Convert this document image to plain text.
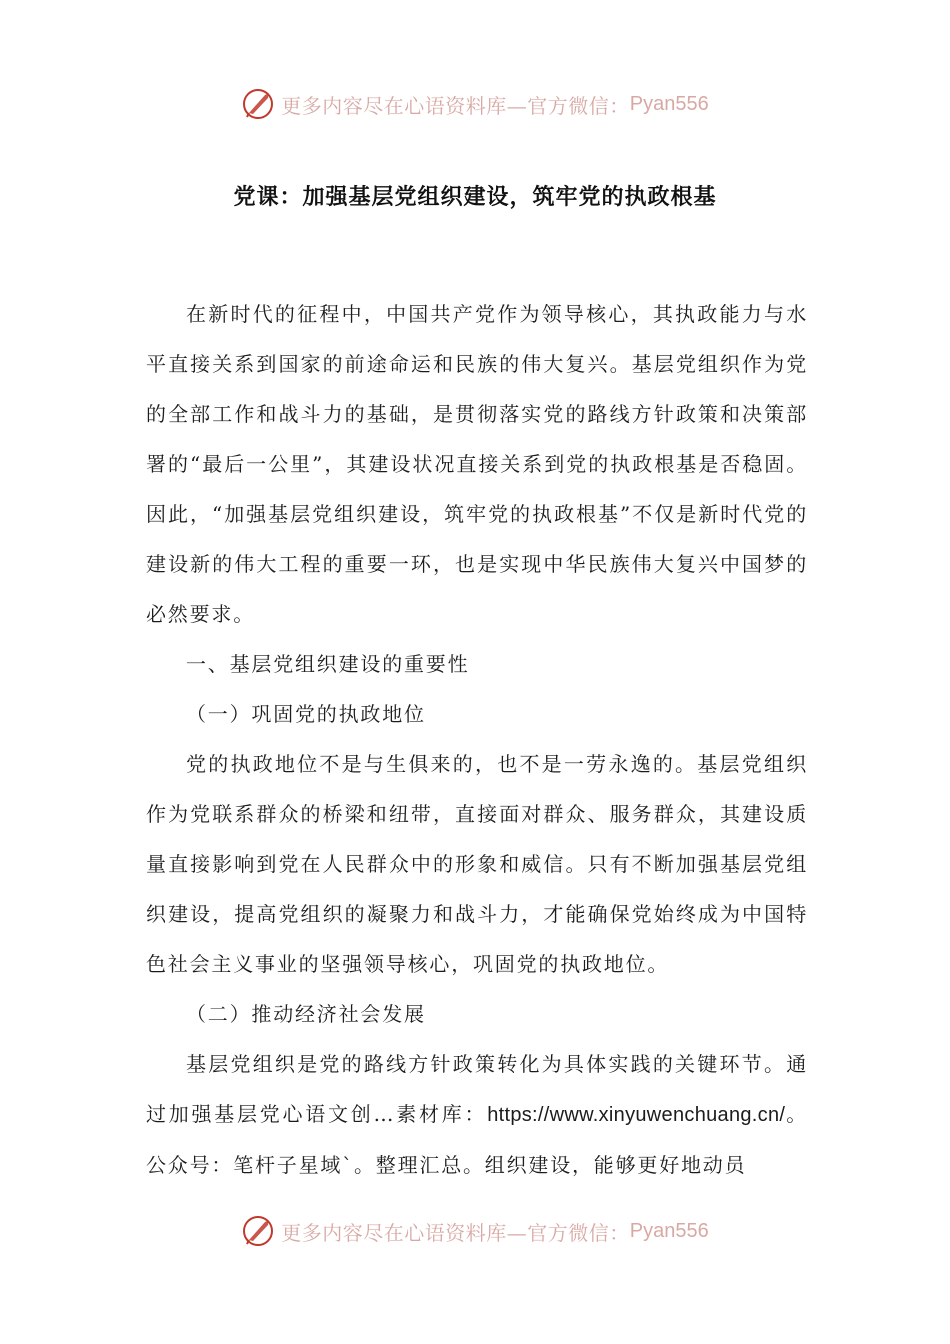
更多内容尽在心语资料库—官方微信： Pyan556
党课：加强基层党组织建设，筑牢党的执政根基

在新时代的征程中，中国共产党作为领导核心，其执政能力与水平直接关系到国家的前途命运和民族的伟大复兴。基层党组织作为党的全部工作和战斗力的基础，是贯彻落实党的路线方针政策和决策部署的“最后一公里”，其建设状况直接关系到党的执政根基是否稳固。因此，“加强基层党组织建设，筑牢党的执政根基”不仅是新时代党的建设新的伟大工程的重要一环，也是实现中华民族伟大复兴中国梦的必然要求。

一、基层党组织建设的重要性

（一）巩固党的执政地位

党的执政地位不是与生俱来的，也不是一劳永逸的。基层党组织作为党联系群众的桥梁和纽带，直接面对群众、服务群众，其建设质量直接影响到党在人民群众中的形象和威信。只有不断加强基层党组织建设，提高党组织的凝聚力和战斗力，才能确保党始终成为中国特色社会主义事业的坚强领导核心，巩固党的执政地位。

（二）推动经济社会发展

基层党组织是党的路线方针政策转化为具体实践的关键环节。通过加强基层党心语文创…素材库：https://www.xinyuwenchuang.cn/。公众号：笔杆子星域`。整理汇总。组织建设，能够更好地动员

更多内容尽在心语资料库—官方微信： Pyan556
